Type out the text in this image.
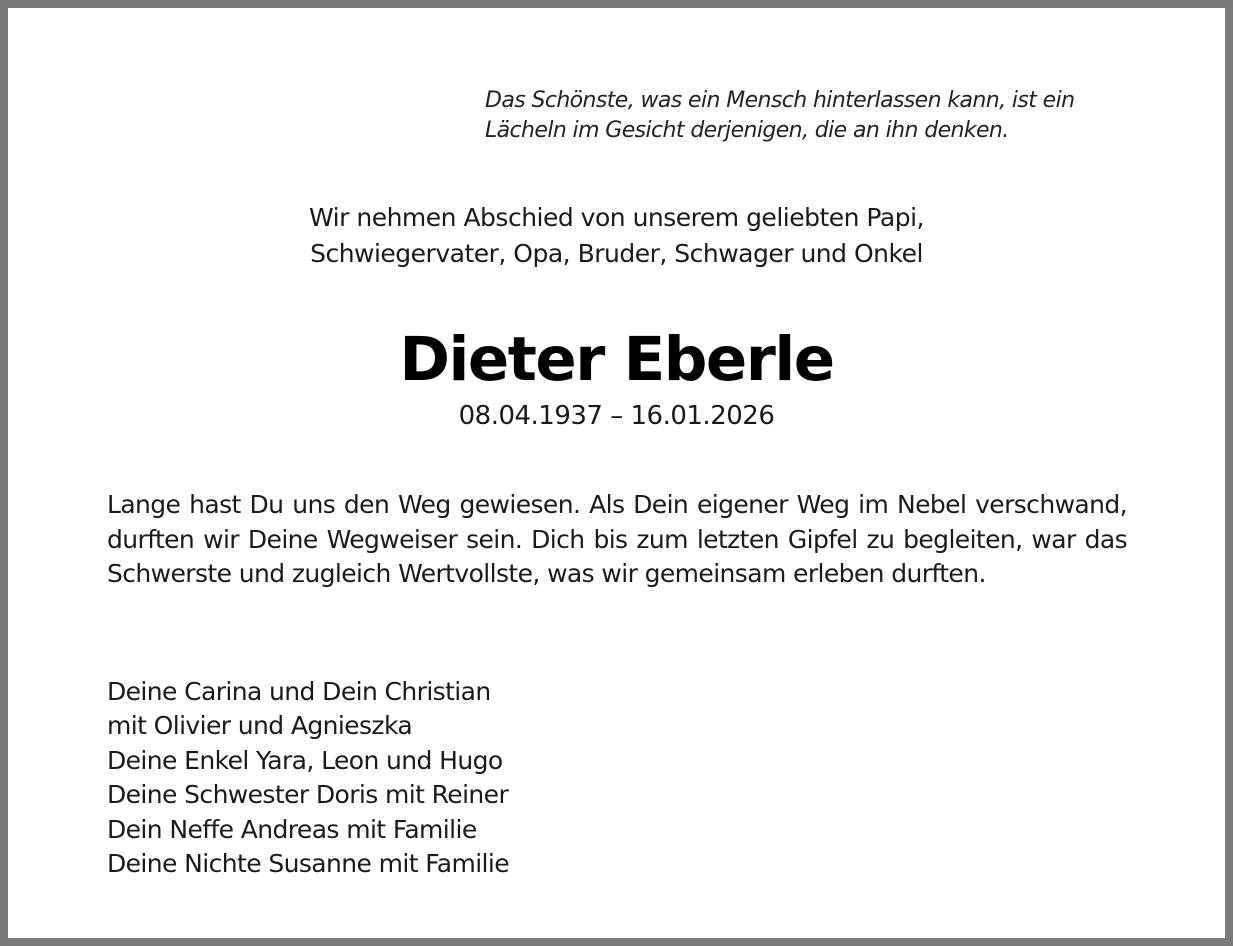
Das Schönste, was ein Mensch hinterlassen kann, ist ein
Lächeln im Gesicht derjenigen, die an ihn denken.
Wir nehmen Abschied von unserem geliebten Papi,
Schwiegervater, Opa, Bruder, Schwager und Onkel
Dieter Eberle
08.04.1937 – 16.01.2026
Lange hast Du uns den Weg gewiesen. Als Dein eigener Weg im Nebel verschwand, durften wir Deine Wegweiser sein. Dich bis zum letzten Gipfel zu begleiten, war das Schwerste und zugleich Wertvollste, was wir gemeinsam erleben durften.
Deine Carina und Dein Christian
mit Olivier und Agnieszka
Deine Enkel Yara, Leon und Hugo
Deine Schwester Doris mit Reiner
Dein Neffe Andreas mit Familie
Deine Nichte Susanne mit Familie
